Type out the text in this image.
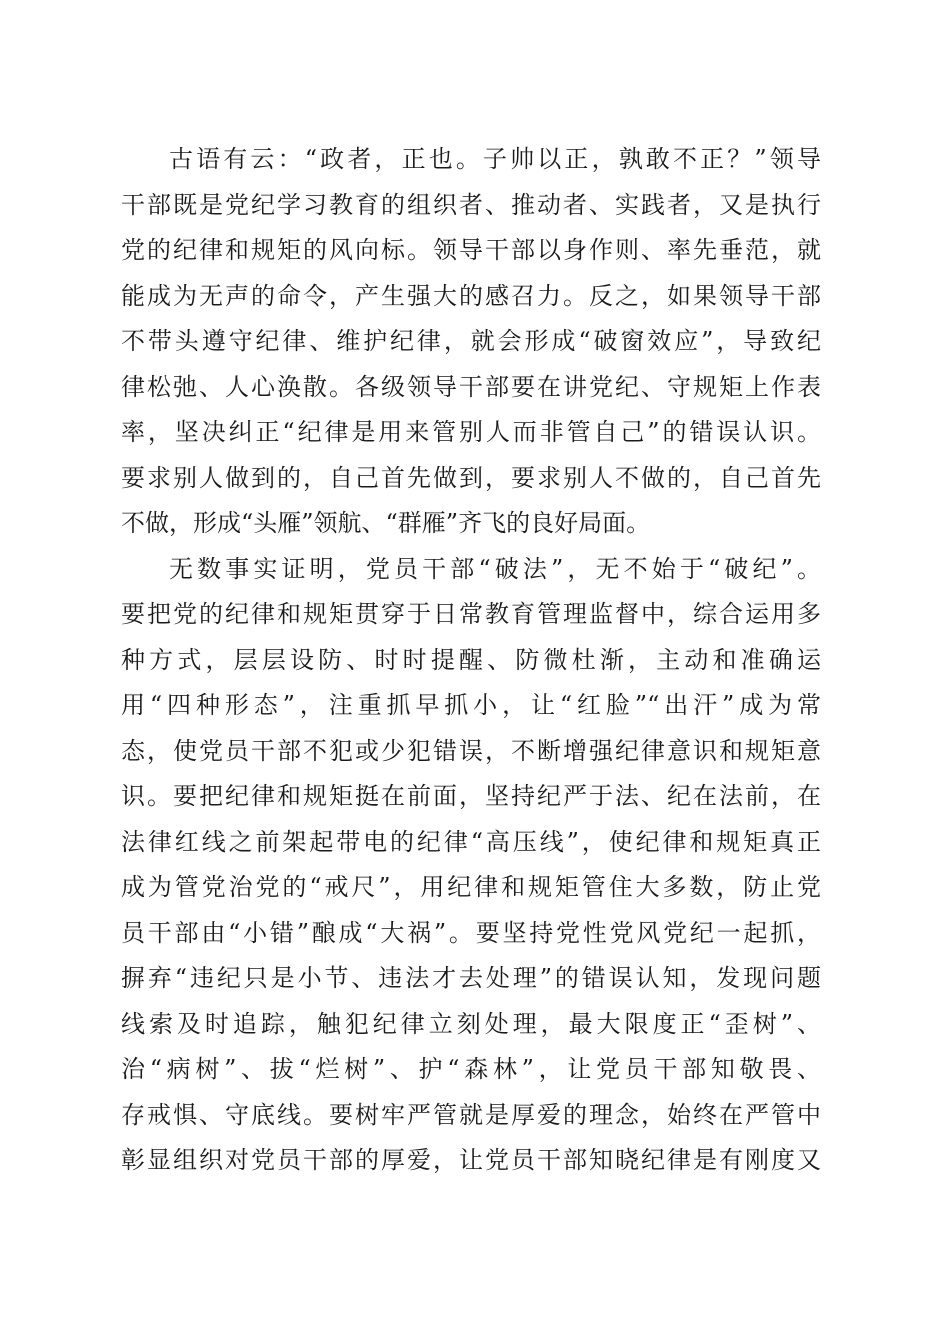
古语有云：“政者，正也。子帅以正，孰敢不正？”领导
干部既是党纪学习教育的组织者、推动者、实践者，又是执行
党的纪律和规矩的风向标。领导干部以身作则、率先垂范，就
能成为无声的命令，产生强大的感召力。反之，如果领导干部
不带头遵守纪律、维护纪律，就会形成“破窗效应”，导致纪
律松弛、人心涣散。各级领导干部要在讲党纪、守规矩上作表
率，坚决纠正“纪律是用来管别人而非管自己”的错误认识。
要求别人做到的，自己首先做到，要求别人不做的，自己首先
不做，形成“头雁”领航、“群雁”齐飞的良好局面。
无数事实证明，党员干部“破法”，无不始于“破纪”。
要把党的纪律和规矩贯穿于日常教育管理监督中，综合运用多
种方式，层层设防、时时提醒、防微杜渐，主动和准确运
用“四种形态”，注重抓早抓小，让“红脸”“出汗”成为常
态，使党员干部不犯或少犯错误，不断增强纪律意识和规矩意
识。要把纪律和规矩挺在前面，坚持纪严于法、纪在法前，在
法律红线之前架起带电的纪律“高压线”，使纪律和规矩真正
成为管党治党的“戒尺”，用纪律和规矩管住大多数，防止党
员干部由“小错”酿成“大祸”。要坚持党性党风党纪一起抓，
摒弃“违纪只是小节、违法才去处理”的错误认知，发现问题
线索及时追踪，触犯纪律立刻处理，最大限度正“歪树”、
治“病树”、拔“烂树”、护“森林”，让党员干部知敬畏、
存戒惧、守底线。要树牢严管就是厚爱的理念，始终在严管中
彰显组织对党员干部的厚爱，让党员干部知晓纪律是有刚度又
